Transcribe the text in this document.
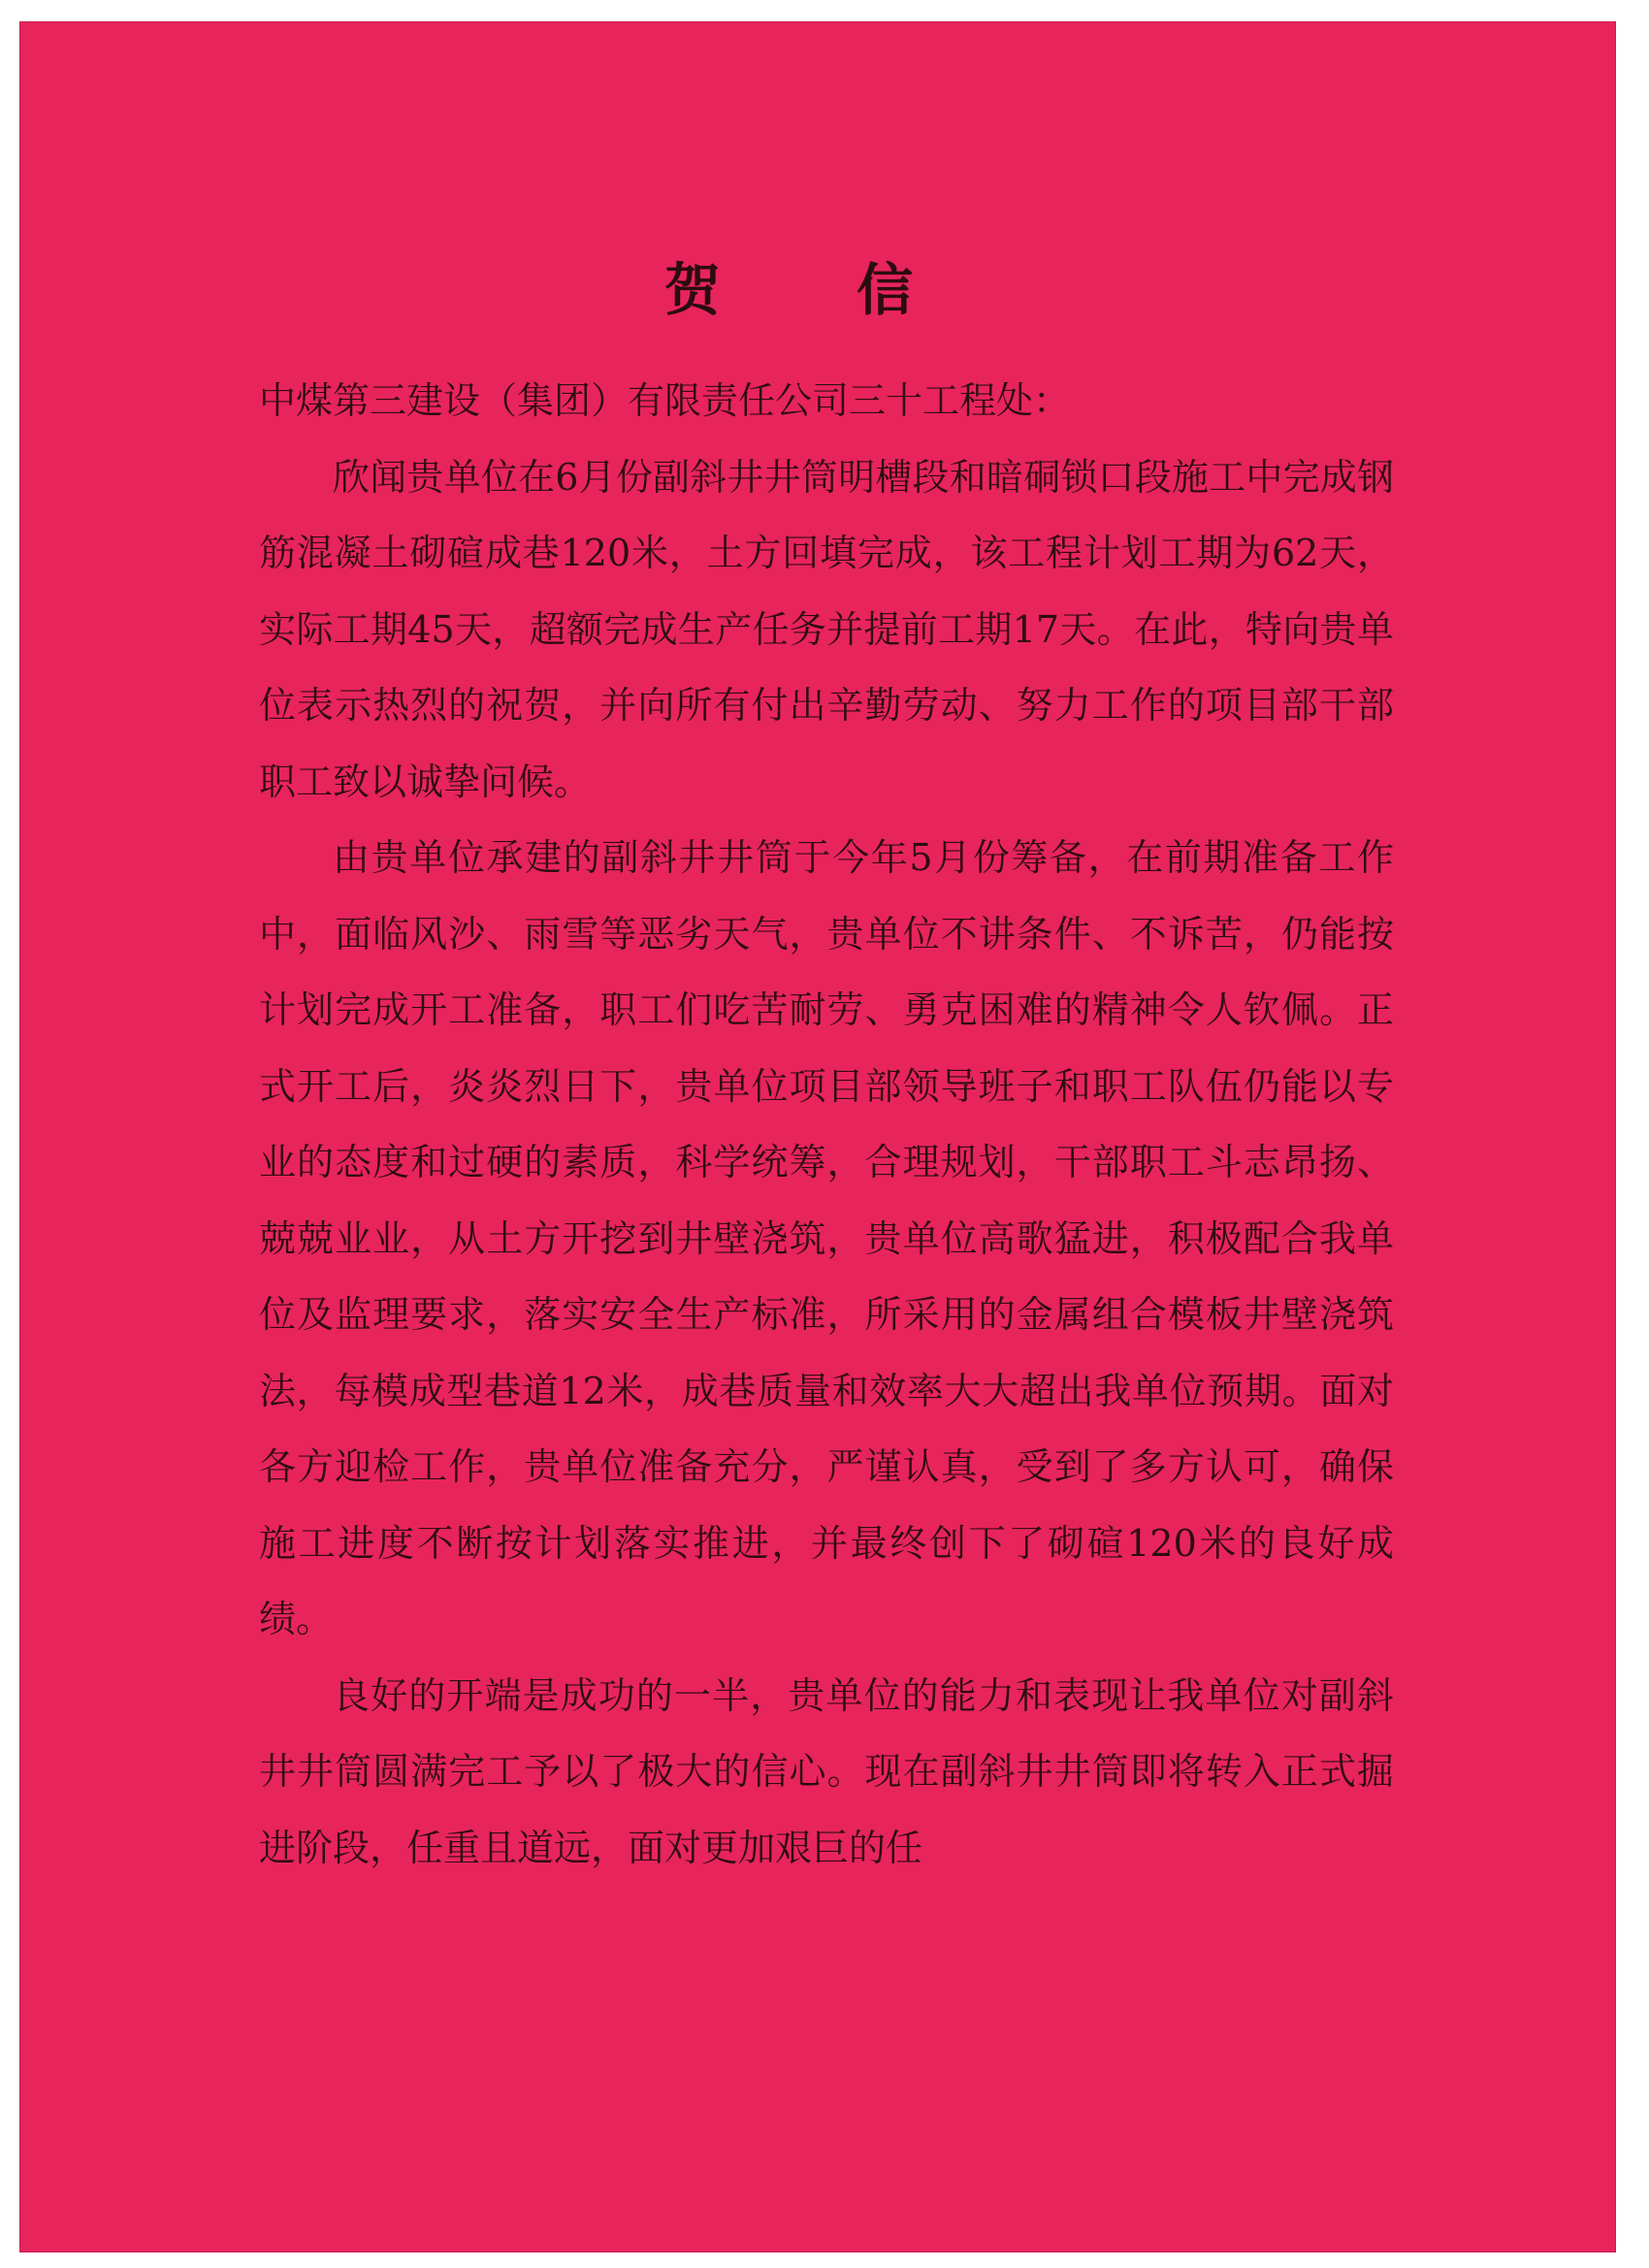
贺 信

中煤第三建设（集团）有限责任公司三十工程处：

欣闻贵单位在6月份副斜井井筒明槽段和暗硐锁口段施工中完成钢筋混凝土砌碹成巷120米，土方回填完成，该工程计划工期为62天，实际工期45天，超额完成生产任务并提前工期17天。在此，特向贵单位表示热烈的祝贺，并向所有付出辛勤劳动、努力工作的项目部干部职工致以诚挚问候。

由贵单位承建的副斜井井筒于今年5月份筹备，在前期准备工作中，面临风沙、雨雪等恶劣天气，贵单位不讲条件、不诉苦，仍能按计划完成开工准备，职工们吃苦耐劳、勇克困难的精神令人钦佩。正式开工后，炎炎烈日下，贵单位项目部领导班子和职工队伍仍能以专业的态度和过硬的素质，科学统筹，合理规划，干部职工斗志昂扬、兢兢业业，从土方开挖到井壁浇筑，贵单位高歌猛进，积极配合我单位及监理要求，落实安全生产标准，所采用的金属组合模板井壁浇筑法，每模成型巷道12米，成巷质量和效率大大超出我单位预期。面对各方迎检工作，贵单位准备充分，严谨认真，受到了多方认可，确保施工进度不断按计划落实推进，并最终创下了砌碹120米的良好成绩。

良好的开端是成功的一半，贵单位的能力和表现让我单位对副斜井井筒圆满完工予以了极大的信心。现在副斜井井筒即将转入正式掘进阶段，任重且道远，面对更加艰巨的任
